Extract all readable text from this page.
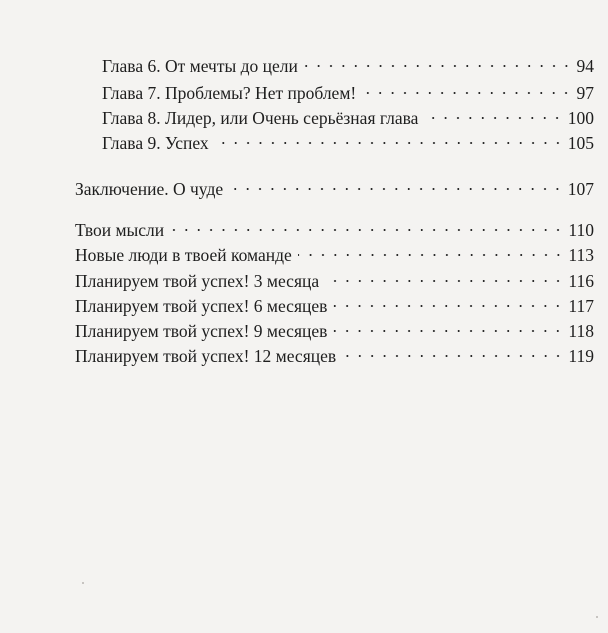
Глава 6. От мечты до цели	94
Глава 7. Проблемы? Нет проблем!	97
Глава 8. Лидер, или Очень серьёзная глава	100
Глава 9. Успех	105
Заключение. О чуде	107
Твои мысли	110
Новые люди в твоей команде	113
Планируем твой успех! 3 месяца	116
Планируем твой успех! 6 месяцев	117
Планируем твой успех! 9 месяцев	118
Планируем твой успех! 12 месяцев	119
